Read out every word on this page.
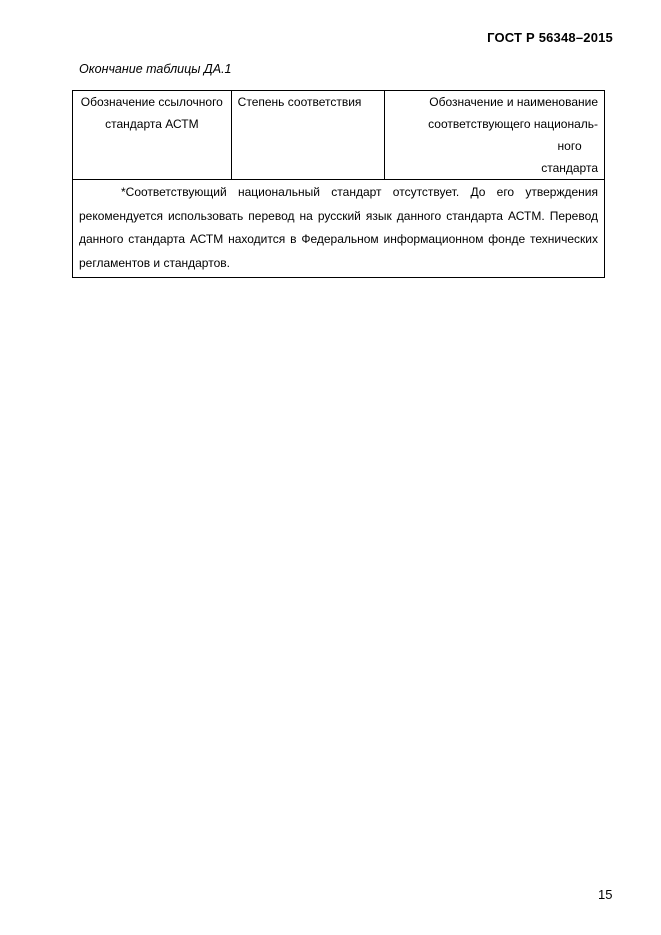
ГОСТ Р 56348–2015
Окончание таблицы ДА.1
Обозначение ссылочного стандарта АСТМ	Степень соответствия	Обозначение и наименование
соответствующего националь-
ного стандарта

*Соответствующий национальный стандарт отсутствует. До его утверждения рекомендуется использовать перевод на русский язык данного стандарта АСТМ. Перевод данного стандарта АСТМ находится в Федеральном информационном фонде технических регламентов и стандартов.
15
